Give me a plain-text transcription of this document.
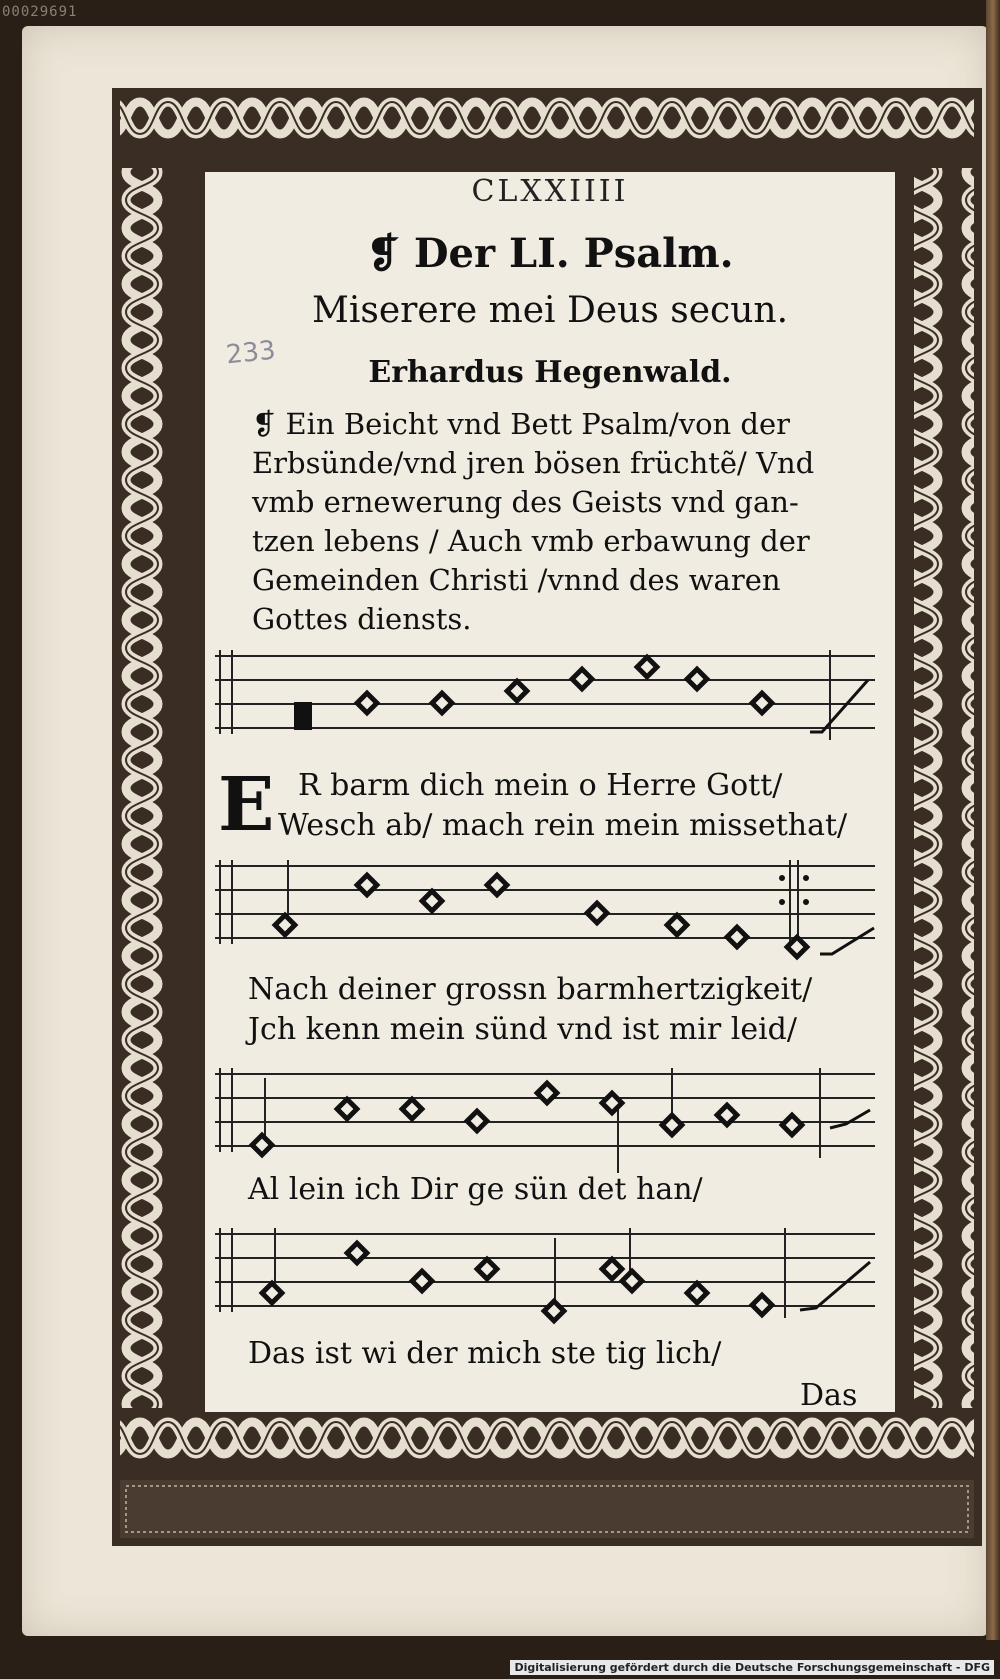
00029691
CLXXIIII
❡ Der LI. Psalm.
Miserere mei Deus secun.
233
Erhardus Hegenwald.
❡ Ein Beicht vnd Bett Psalm/von der
Erbsünde/vnd jren bösen früchtẽ/ Vnd
vmb ernewerung des Geists vnd gan-
tzen lebens / Auch vmb erbawung der
Gemeinden Christi /vnnd des waren
Gottes diensts.
E R barm dich mein o Herre Gott/
Wesch ab/ mach rein mein missethat/
Nach deiner grossn barmhertzigkeit/
Jch kenn mein sünd vnd ist mir leid/
Al lein ich Dir ge sün det han/
Das ist wi der mich ste tig lich/
Das
Digitalisierung gefördert durch die Deutsche Forschungsgemeinschaft - DFG
